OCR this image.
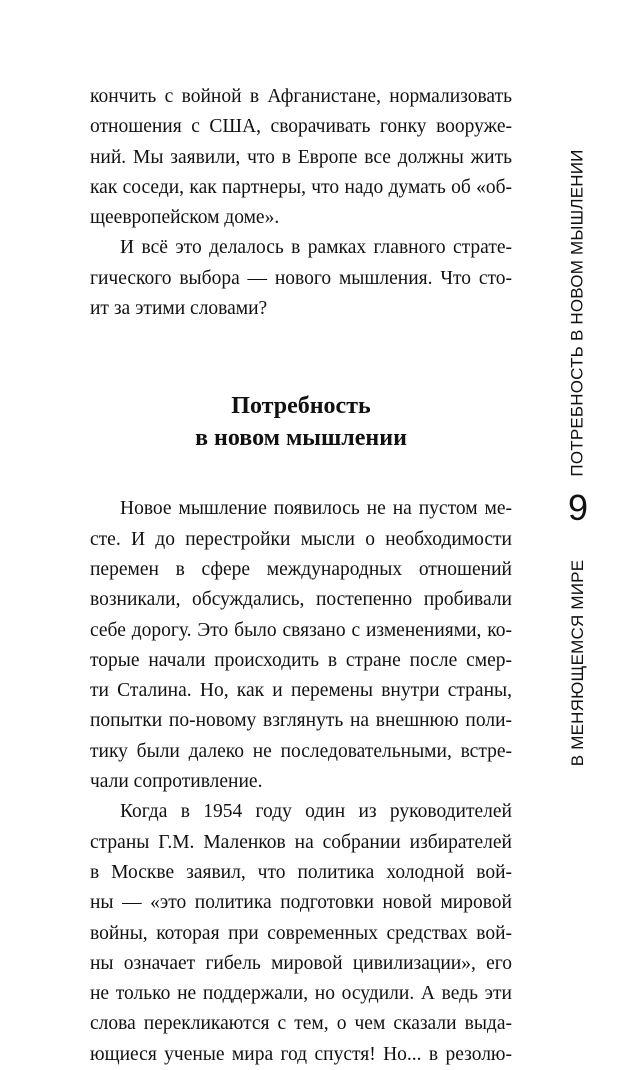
кончить с войной в Афганистане, нормализовать
отношения с США, сворачивать гонку вооруже-
ний. Мы заявили, что в Европе все должны жить
как соседи, как партнеры, что надо думать об «об-
щеевропейском доме».
И всё это делалось в рамках главного страте-
гического выбора — нового мышления. Что сто-
ит за этими словами?
Потребность
в новом мышлении
Новое мышление появилось не на пустом ме-
сте. И до перестройки мысли о необходимости
перемен в сфере международных отношений
возникали, обсуждались, постепенно пробивали
себе дорогу. Это было связано с изменениями, ко-
торые начали происходить в стране после смер-
ти Сталина. Но, как и перемены внутри страны,
попытки по-новому взглянуть на внешнюю поли-
тику были далеко не последовательными, встре-
чали сопротивление.
Когда в 1954 году один из руководителей
страны Г.М. Маленков на собрании избирателей
в Москве заявил, что политика холодной вой-
ны — «это политика подготовки новой мировой
войны, которая при современных средствах вой-
ны означает гибель мировой цивилизации», его
не только не поддержали, но осудили. А ведь эти
слова перекликаются с тем, о чем сказали выда-
ющиеся ученые мира год спустя! Но... в резолю-
ПОТРЕБНОСТЬ В НОВОМ МЫШЛЕНИИ
9
В МЕНЯЮЩЕМСЯ МИРЕ
